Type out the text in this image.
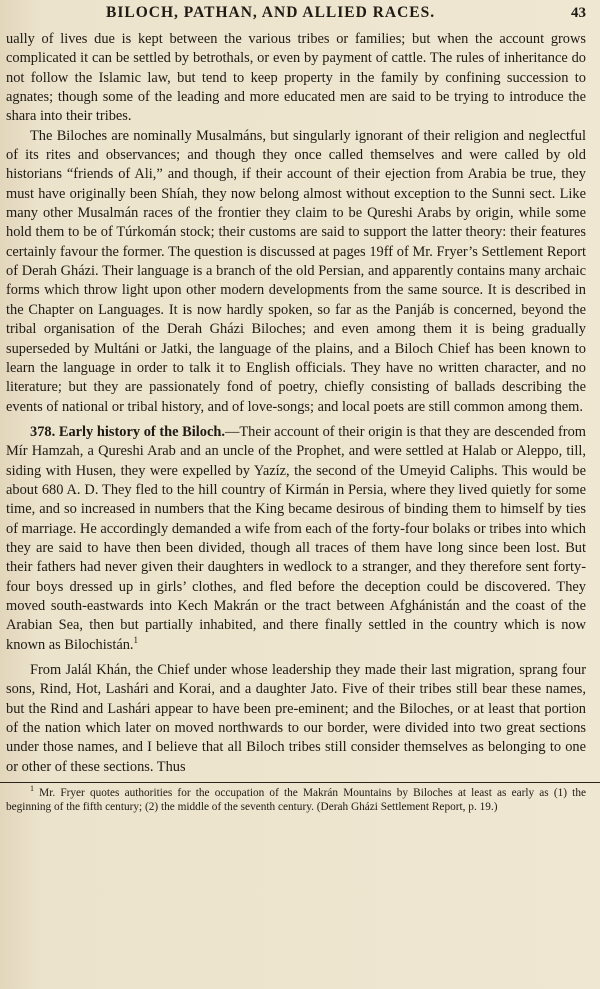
BILOCH, PATHAN, AND ALLIED RACES.	43

ually of lives due is kept between the various tribes or families; but when the account grows complicated it can be settled by betrothals, or even by payment of cattle. The rules of inheritance do not follow the Islamic law, but tend to keep property in the family by confining succession to agnates; though some of the leading and more educated men are said to be trying to introduce the shara into their tribes.

The Biloches are nominally Musalmáns, but singularly ignorant of their religion and neglectful of its rites and observances; and though they once called themselves and were called by old historians “friends of Ali,” and though, if their account of their ejection from Arabia be true, they must have originally been Shíah, they now belong almost without exception to the Sunni sect. Like many other Musalmán races of the frontier they claim to be Qureshi Arabs by origin, while some hold them to be of Túrkomán stock; their customs are said to support the latter theory: their features certainly favour the former. The question is discussed at pages 19ff of Mr. Fryer’s Settlement Report of Derah Gházi. Their language is a branch of the old Persian, and apparently contains many archaic forms which throw light upon other modern developments from the same source. It is described in the Chapter on Languages. It is now hardly spoken, so far as the Panjáb is concerned, beyond the tribal organisation of the Derah Gházi Biloches; and even among them it is being gradually superseded by Multáni or Jatki, the language of the plains, and a Biloch Chief has been known to learn the language in order to talk it to English officials. They have no written character, and no literature; but they are passionately fond of poetry, chiefly consisting of ballads describing the events of national or tribal history, and of love-songs; and local poets are still common among them.

378. Early history of the Biloch.—Their account of their origin is that they are descended from Mír Hamzah, a Qureshi Arab and an uncle of the Prophet, and were settled at Halab or Aleppo, till, siding with Husen, they were expelled by Yazíz, the second of the Umeyid Caliphs. This would be about 680 A. D. They fled to the hill country of Kirmán in Persia, where they lived quietly for some time, and so increased in numbers that the King became desirous of binding them to himself by ties of marriage. He accordingly demanded a wife from each of the forty-four bolaks or tribes into which they are said to have then been divided, though all traces of them have long since been lost. But their fathers had never given their daughters in wedlock to a stranger, and they therefore sent forty-four boys dressed up in girls’ clothes, and fled before the deception could be discovered. They moved south-eastwards into Kech Makrán or the tract between Afghánistán and the coast of the Arabian Sea, then but partially inhabited, and there finally settled in the country which is now known as Bilochistán.$^1$

From Jalál Khán, the Chief under whose leadership they made their last migration, sprang four sons, Rind, Hot, Lashári and Korai, and a daughter Jato. Five of their tribes still bear these names, but the Rind and Lashári appear to have been pre-eminent; and the Biloches, or at least that portion of the nation which later on moved northwards to our border, were divided into two great sections under those names, and I believe that all Biloch tribes still consider themselves as belonging to one or other of these sections. Thus

$^1$ Mr. Fryer quotes authorities for the occupation of the Makrán Mountains by Biloches at least as early as (1) the beginning of the fifth century; (2) the middle of the seventh century. (Derah Gházi Settlement Report, p. 19.)
